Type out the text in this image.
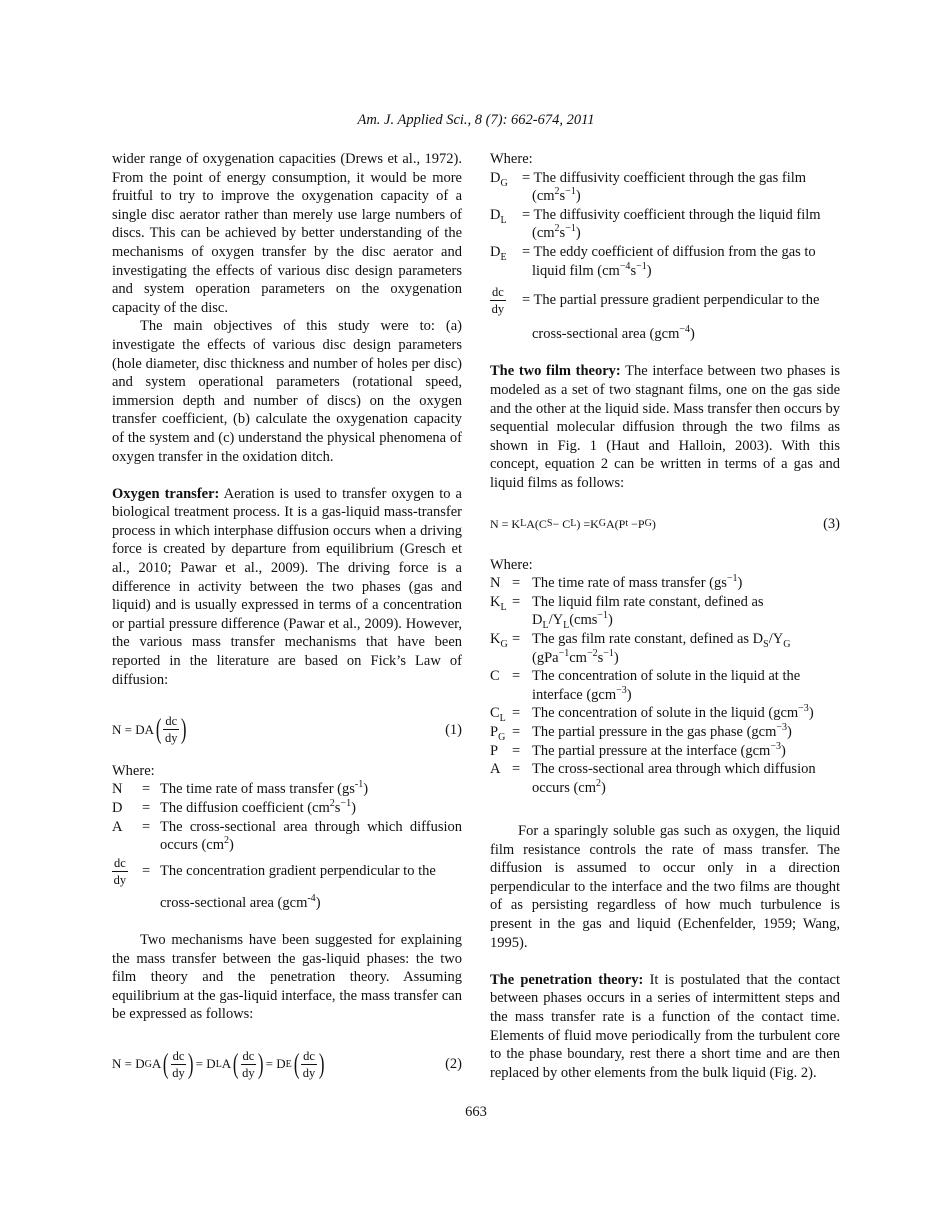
Am. J. Applied Sci., 8 (7): 662-674, 2011

wider range of oxygenation capacities (Drews et al., 1972). From the point of energy consumption, it would be more fruitful to try to improve the oxygenation capacity of a single disc aerator rather than merely use large numbers of discs. This can be achieved by better understanding of the mechanisms of oxygen transfer by the disc aerator and investigating the effects of various disc design parameters and system operation parameters on the oxygenation capacity of the disc.

The main objectives of this study were to: (a) investigate the effects of various disc design parameters (hole diameter, disc thickness and number of holes per disc) and system operational parameters (rotational speed, immersion depth and number of discs) on the oxygen transfer coefficient, (b) calculate the oxygenation capacity of the system and (c) understand the physical phenomena of oxygen transfer in the oxidation ditch.

Oxygen transfer: Aeration is used to transfer oxygen to a biological treatment process. It is a gas-liquid mass-transfer process in which interphase diffusion occurs when a driving force is created by departure from equilibrium (Gresch et al., 2010; Pawar et al., 2009). The driving force is a difference in activity between the two phases (gas and liquid) and is usually expressed in terms of a concentration or partial pressure difference (Pawar et al., 2009). However, the various mass transfer mechanisms that have been reported in the literature are based on Fick’s Law of diffusion:

N = DA ( $\frac{dc}{dy}$ )	(1)
Where:
N	= The time rate of mass transfer $(gs^{-1})$
D	= The diffusion coefficient $(cm^2s^{-1})$
A	= The cross-sectional area through which diffusion occurs $(cm^2)$
$\frac{dc}{dy}$ = The concentration gradient perpendicular to the
cross-sectional area (gcm$^{-4}$)

Two mechanisms have been suggested for explaining the mass transfer between the gas-liquid phases: the two film theory and the penetration theory. Assuming equilibrium at the gas-liquid interface, the mass transfer can be expressed as follows:

N = D G A ( $\frac{dc}{dy}$ ) = D L A ( $\frac{dc}{dy}$ ) = D E ( $\frac{dc}{dy}$ )	(2)
Where:
$D_G$ = The diffusivity coefficient through the gas film
$(cm^2s^{-1})$
$D_L$	= The diffusivity coefficient through the liquid film
$(cm^2s^{-1})$
$D_E$	= The eddy coefficient of diffusion from the gas to
liquid film $(cm^{-4}s^{-1})$
$\frac{dc}{dy}$	= The partial pressure gradient perpendicular to the
cross-sectional area (gcm$^{-4}$)

The two film theory: The interface between two phases is modeled as a set of two stagnant films, one on the gas side and the other at the liquid side. Mass transfer then occurs by sequential molecular diffusion through the two films as shown in Fig. 1 (Haut and Halloin, 2003). With this concept, equation 2 can be written in terms of a gas and liquid films as follows:

N = K L A(C S − C L ) =K G A(P t −P G )	(3)
Where:
N = The time rate of mass transfer $(gs^{-1})$
$K_L$ = The liquid film rate constant, defined as
$D_L/Y_L(cms^{-1})$
$K_G$ = The gas film rate constant, defined as $D_S/Y_G$
$(gPa^{-1}cm^{-2}s^{-1})$
C = The concentration of solute in the liquid at the
interface (gcm$^{-3}$)
$C_L$ = The concentration of solute in the liquid (gcm$^{-3}$)
$P_G$ = The partial pressure in the gas phase (gcm$^{-3}$)
P = The partial pressure at the interface (gcm$^{-3}$)
A = The cross-sectional area through which diffusion
occurs $(cm^2)$

For a sparingly soluble gas such as oxygen, the liquid film resistance controls the rate of mass transfer. The diffusion is assumed to occur only in a direction perpendicular to the interface and the two films are thought of as persisting regardless of how much turbulence is present in the gas and liquid (Echenfelder, 1959; Wang, 1995).

The penetration theory: It is postulated that the contact between phases occurs in a series of intermittent steps and the mass transfer rate is a function of the contact time. Elements of fluid move periodically from the turbulent core to the phase boundary, rest there a short time and are then replaced by other elements from the bulk liquid (Fig. 2).

663
